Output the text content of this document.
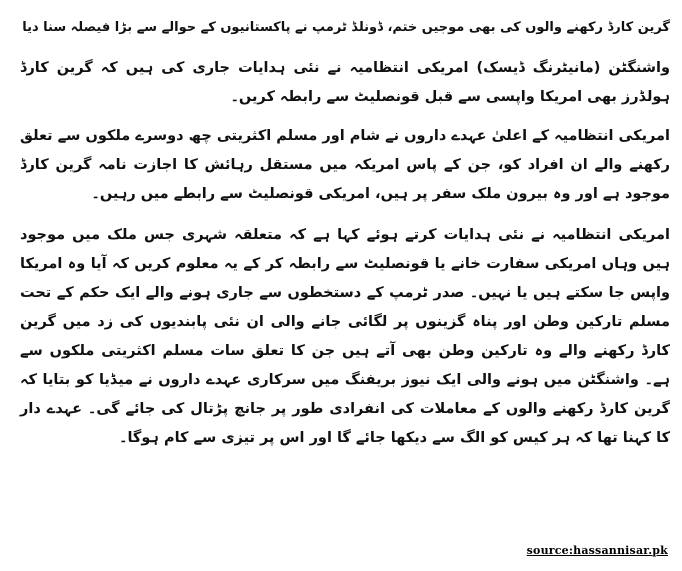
گرین کارڈ رکھنے والوں کی بھی موجیں ختم، ڈونلڈ ٹرمپ نے پاکستانیوں کے حوالے سے بڑا فیصلہ سنا دیا

واشنگٹن (مانیٹرنگ ڈیسک) امریکی انتظامیہ نے نئی ہدایات جاری کی ہیں کہ گرین کارڈ ہولڈرز بھی امریکا واپسی سے قبل قونصلیٹ سے رابطہ کریں۔

امریکی انتظامیہ کے اعلیٰ عہدے داروں نے شام اور مسلم اکثریتی چھ دوسرے ملکوں سے تعلق رکھنے والے ان افراد کو، جن کے پاس امریکہ میں مستقل رہائش کا اجازت نامہ گرین کارڈ موجود ہے اور وہ بیرون ملک سفر پر ہیں، امریکی قونصلیٹ سے رابطے میں رہیں۔

امریکی انتظامیہ نے نئی ہدایات کرتے ہوئے کہا ہے کہ متعلقہ شہری جس ملک میں موجود ہیں وہاں امریکی سفارت خانے یا قونصلیٹ سے رابطہ کر کے یہ معلوم کریں کہ آیا وہ امریکا واپس جا سکتے ہیں یا نہیں۔ صدر ٹرمپ کے دستخطوں سے جاری ہونے والے ایک حکم کے تحت مسلم تارکین وطن اور پناہ گزینوں پر لگائی جانے والی ان نئی پابندیوں کی زد میں گرین کارڈ رکھنے والے وہ تارکین وطن بھی آتے ہیں جن کا تعلق سات مسلم اکثریتی ملکوں سے ہے۔ واشنگٹن میں ہونے والی ایک نیوز بریفنگ میں سرکاری عہدے داروں نے میڈیا کو بتایا کہ گرین کارڈ رکھنے والوں کے معاملات کی انفرادی طور پر جانچ پڑتال کی جائے گی۔ عہدے دار کا کہنا تھا کہ ہر کیس کو الگ سے دیکھا جائے گا اور اس پر تیزی سے کام ہوگا۔

source:hassannisar.pk
